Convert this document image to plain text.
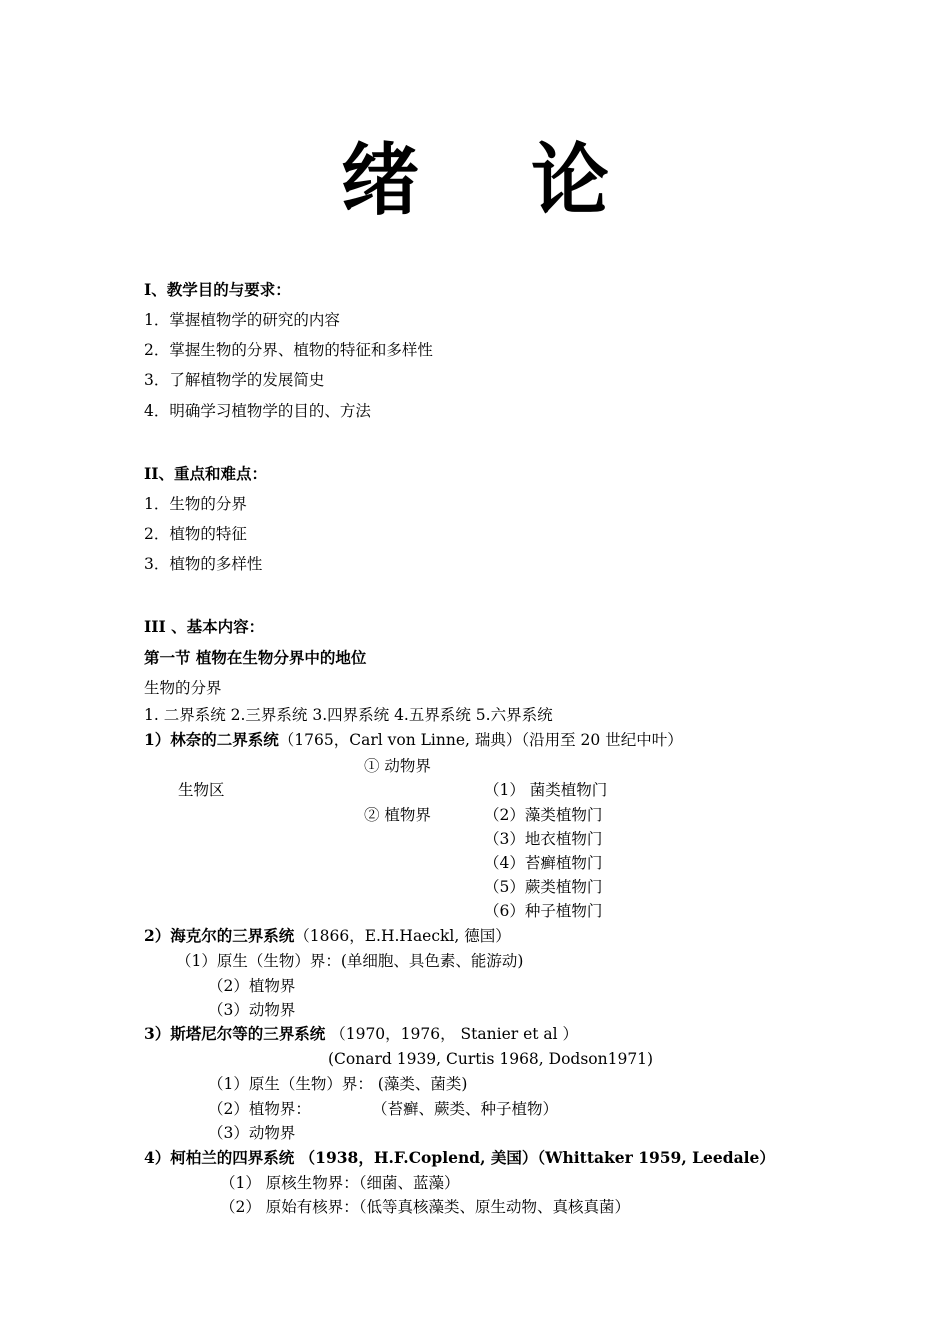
绪 论
I、教学目的与要求：
1．掌握植物学的研究的内容
2．掌握生物的分界、植物的特征和多样性
3．了解植物学的发展简史
4．明确学习植物学的目的、方法
II、重点和难点：
1．生物的分界
2．植物的特征
3．植物的多样性
III 、基本内容：
第一节 植物在生物分界中的地位
生物的分界
1. 二界系统 2.三界系统 3.四界系统 4.五界系统 5.六界系统
1）林奈的二界系统（1765，Carl von Linne, 瑞典）（沿用至 20 世纪中叶）
① 动物界
生物区	（1） 菌类植物门
② 植物界	（2）藻类植物门
（3）地衣植物门
（4）苔癣植物门
（5）蕨类植物门
（6）种子植物门
2）海克尔的三界系统（1866，E.H.Haeckl, 德国）
（1）原生（生物）界：(单细胞、具色素、能游动)
（2）植物界
（3）动物界
3）斯塔尼尔等的三界系统 （1970，1976， Stanier et al ）
(Conard 1939, Curtis 1968, Dodson1971)
（1）原生（生物）界： (藻类、菌类)
（2）植物界：	（苔癣、蕨类、种子植物）
（3）动物界
4）柯柏兰的四界系统 （1938，H.F.Coplend, 美国）（Whittaker 1959, Leedale）
（1） 原核生物界：（细菌、蓝藻）
（2） 原始有核界：（低等真核藻类、原生动物、真核真菌）
